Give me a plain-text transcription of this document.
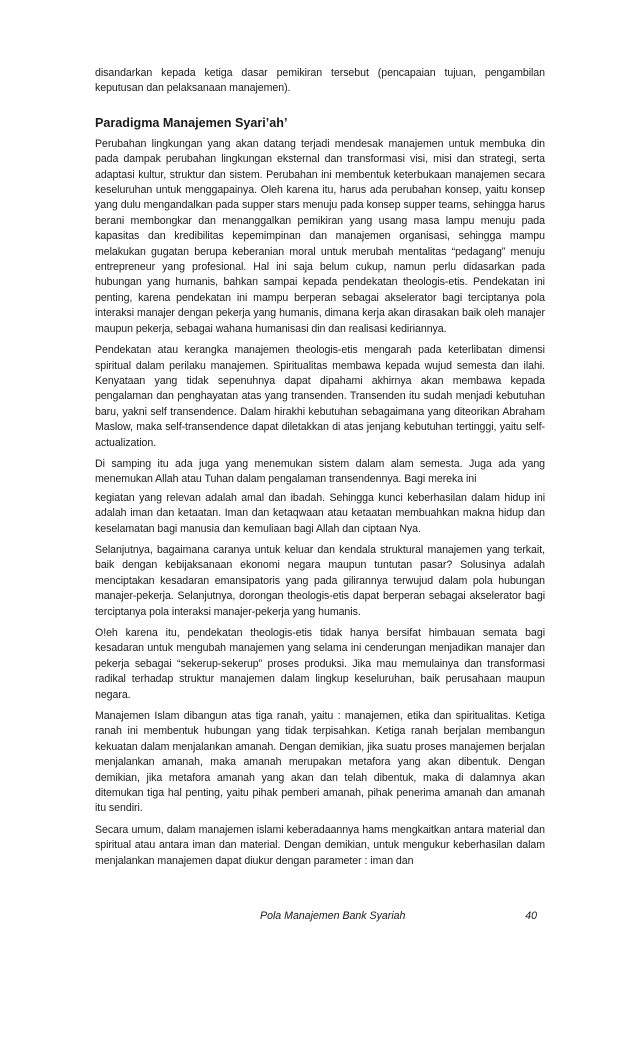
disandarkan kepada ketiga dasar pemikiran tersebut (pencapaian tujuan, pengambilan keputusan dan pelaksanaan manajemen).

Paradigma Manajemen Syari’ah’

Perubahan lingkungan yang akan datang terjadi mendesak manajemen untuk membuka din pada dampak perubahan lingkungan eksternal dan transformasi visi, misi dan strategi, serta adaptasi kultur, struktur dan sistem. Perubahan ini membentuk keterbukaan manajemen secara keseluruhan untuk menggapainya. Oleh karena itu, harus ada perubahan konsep, yaitu konsep yang dulu mengandalkan pada supper stars menuju pada konsep supper teams, sehingga harus berani membongkar dan menanggalkan pemikiran yang usang masa lampu menuju pada kapasitas dan kredibilitas kepemimpinan dan manajemen organisasi, sehingga mampu melakukan gugatan berupa keberanian moral untuk merubah mentalitas “pedagang” menuju entrepreneur yang profesional. Hal ini saja belum cukup, namun perlu didasarkan pada hubungan yang humanis, bahkan sampai kepada pendekatan theologis-etis. Pendekatan ini penting, karena pendekatan ini mampu berperan sebagai akselerator bagi terciptanya pola interaksi manajer dengan pekerja yang humanis, dimana kerja akan dirasakan baik oleh manajer maupun pekerja, sebagai wahana humanisasi din dan realisasi kediriannya.

Pendekatan atau kerangka manajemen theologis-etis mengarah pada keterlibatan dimensi spiritual dalam perilaku manajemen. Spiritualitas membawa kepada wujud semesta dan ilahi. Kenyataan yang tidak sepenuhnya dapat dipahami akhirnya akan membawa kepada pengalaman dan penghayatan atas yang transenden. Transenden itu sudah menjadi kebutuhan baru, yakni self transendence. Dalam hirakhi kebutuhan sebagaimana yang diteorikan Abraham Maslow, maka self-transendence dapat diletakkan di atas jenjang kebutuhan tertinggi, yaitu self-actualization.

Di samping itu ada juga yang menemukan sistem dalam alam semesta. Juga ada yang menemukan Allah atau Tuhan dalam pengalaman transendennya. Bagi mereka ini

kegiatan yang relevan adalah amal dan ibadah. Sehingga kunci keberhasilan dalam hidup ini adalah iman dan ketaatan. Iman dan ketaqwaan atau ketaatan membuahkan makna hidup dan keselamatan bagi manusia dan kemuliaan bagi Allah dan ciptaan Nya.

Selanjutnya, bagaimana caranya untuk keluar dan kendala struktural manajemen yang terkait, baik dengan kebijaksanaan ekonomi negara maupun tuntutan pasar? Solusinya adalah menciptakan kesadaran emansipatoris yang pada gilirannya terwujud dalam pola hubungan manajer-pekerja. Selanjutnya, dorongan theologis-etis dapat berperan sebagai akselerator bagi terciptanya pola interaksi manajer-pekerja yang humanis.

O!eh karena itu, pendekatan theologis-etis tidak hanya bersifat himbauan semata bagi kesadaran untuk mengubah manajemen yang selama ini cenderungan menjadikan manajer dan pekerja sebagai “sekerup-sekerup” proses produksi. Jika mau memulainya dan transformasi radikal terhadap struktur manajemen dalam lingkup keseluruhan, baik perusahaan maupun negara.

Manajemen Islam dibangun atas tiga ranah, yaitu : manajemen, etika dan spiritualitas. Ketiga ranah ini membentuk hubungan yang tidak terpisahkan. Ketiga ranah berjalan membangun kekuatan dalam menjalankan amanah. Dengan demikian, jika suatu proses manajemen berjalan menjalankan amanah, maka amanah merupakan metafora yang akan dibentuk. Dengan demikian, jika metafora amanah yang akan dan telah dibentuk, maka di dalamnya akan ditemukan tiga hal penting, yaitu pihak pemberi amanah, pihak penerima amanah dan amanah itu sendiri.

Secara umum, dalam manajemen islami keberadaannya hams mengkaitkan antara material dan spiritual atau antara iman dan material. Dengan demikian, untuk mengukur keberhasilan dalam menjalankan manajemen dapat diukur dengan parameter : iman dan

Pola Manajemen Bank Syariah	40
